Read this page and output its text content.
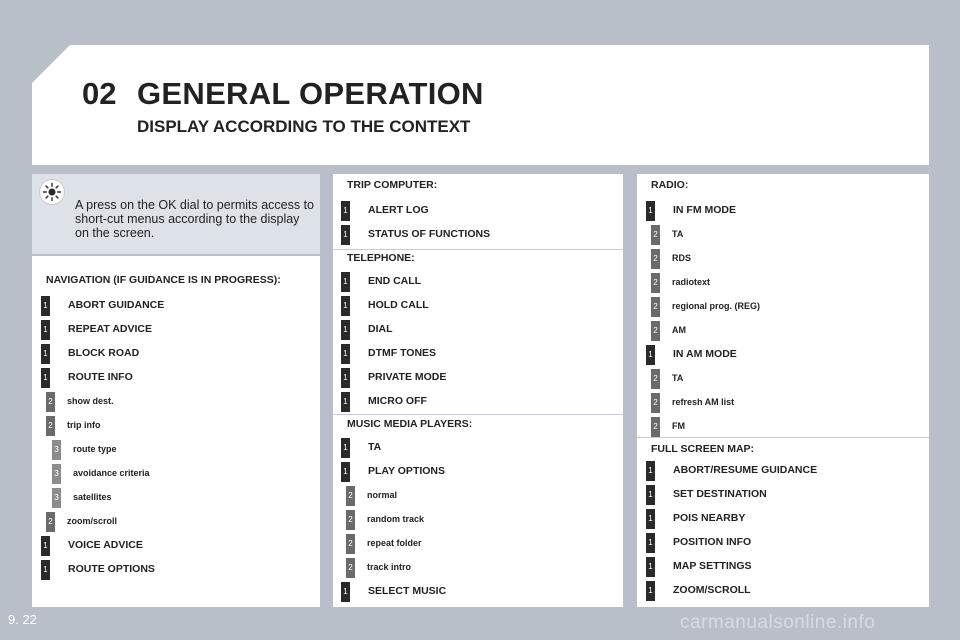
02 GENERAL OPERATION
DISPLAY ACCORDING TO THE CONTEXT
A press on the OK dial to permits access to short-cut menus according to the display on the screen.
NAVIGATION (IF GUIDANCE IS IN PROGRESS):
1 ABORT GUIDANCE
1 REPEAT ADVICE
1 BLOCK ROAD
1 ROUTE INFO
2 show dest.
2 trip info
3 route type
3 avoidance criteria
3 satellites
2 zoom/scroll
1 VOICE ADVICE
1 ROUTE OPTIONS
TRIP COMPUTER:
1 ALERT LOG
1 STATUS OF FUNCTIONS
TELEPHONE:
1 END CALL
1 HOLD CALL
1 DIAL
1 DTMF TONES
1 PRIVATE MODE
1 MICRO OFF
MUSIC MEDIA PLAYERS:
1 TA
1 PLAY OPTIONS
2 normal
2 random track
2 repeat folder
2 track intro
1 SELECT MUSIC
RADIO:
1 IN FM MODE
2 TA
2 RDS
2 radiotext
2 regional prog. (REG)
2 AM
1 IN AM MODE
2 TA
2 refresh AM list
2 FM
FULL SCREEN MAP:
1 ABORT/RESUME GUIDANCE
1 SET DESTINATION
1 POIS NEARBY
1 POSITION INFO
1 MAP SETTINGS
1 ZOOM/SCROLL
9. 22	carmanualsonline.info
